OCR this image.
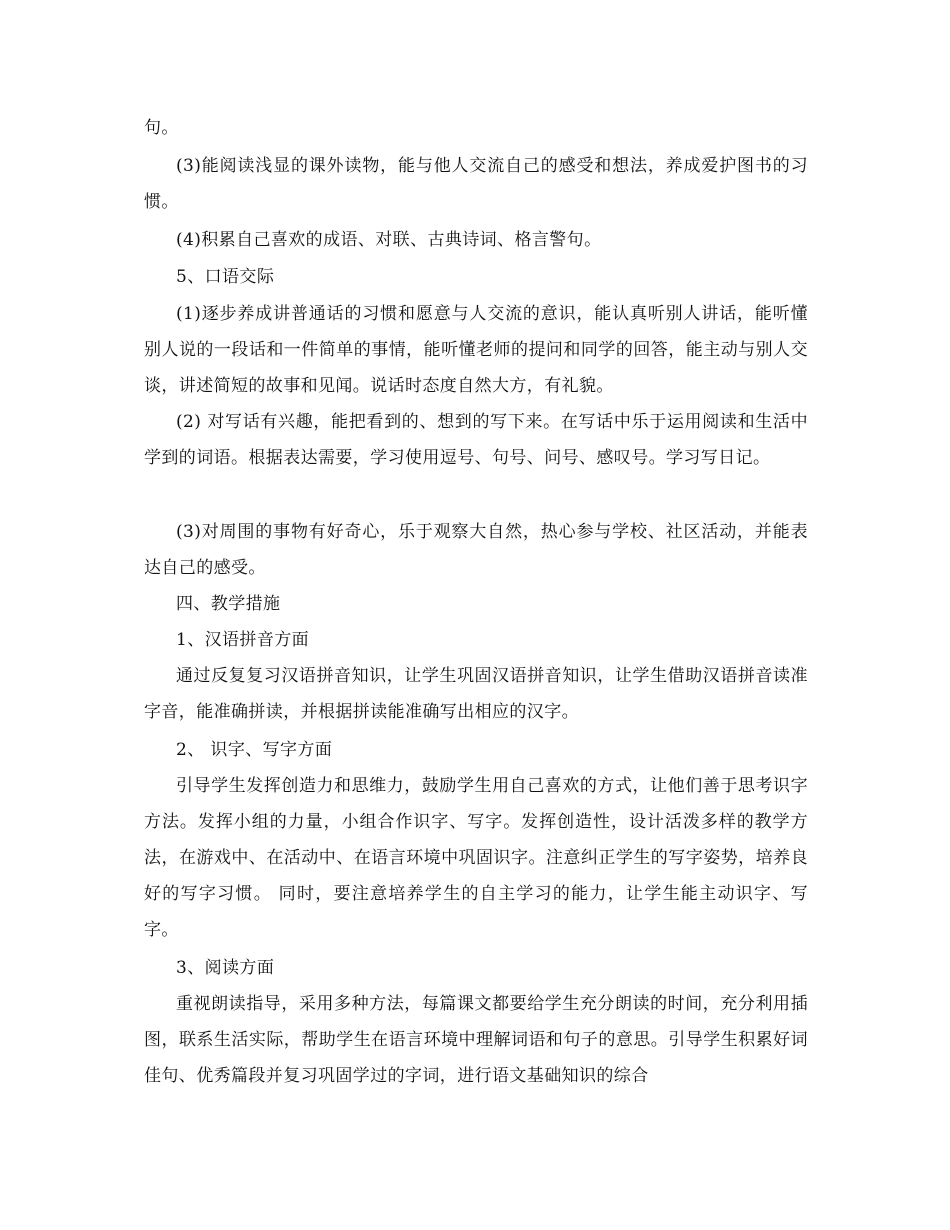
句。

(3)能阅读浅显的课外读物，能与他人交流自己的感受和想法，养成爱护图书的习惯。

(4)积累自己喜欢的成语、对联、古典诗词、格言警句。

5、口语交际

(1)逐步养成讲普通话的习惯和愿意与人交流的意识，能认真听别人讲话，能听懂别人说的一段话和一件简单的事情，能听懂老师的提问和同学的回答，能主动与别人交谈，讲述简短的故事和见闻。说话时态度自然大方，有礼貌。

(2) 对写话有兴趣，能把看到的、想到的写下来。在写话中乐于运用阅读和生活中学到的词语。根据表达需要，学习使用逗号、句号、问号、感叹号。学习写日记。

(3)对周围的事物有好奇心，乐于观察大自然，热心参与学校、社区活动，并能表达自己的感受。

四、教学措施

1、汉语拼音方面

通过反复复习汉语拼音知识，让学生巩固汉语拼音知识，让学生借助汉语拼音读准字音，能准确拼读，并根据拼读能准确写出相应的汉字。

2、 识字、写字方面

引导学生发挥创造力和思维力，鼓励学生用自己喜欢的方式，让他们善于思考识字方法。发挥小组的力量，小组合作识字、写字。发挥创造性，设计活泼多样的教学方法，在游戏中、在活动中、在语言环境中巩固识字。注意纠正学生的写字姿势，培养良好的写字习惯。 同时，要注意培养学生的自主学习的能力，让学生能主动识字、写字。

3、阅读方面

重视朗读指导，采用多种方法，每篇课文都要给学生充分朗读的时间，充分利用插图，联系生活实际，帮助学生在语言环境中理解词语和句子的意思。引导学生积累好词佳句、优秀篇段并复习巩固学过的字词，进行语文基础知识的综合
